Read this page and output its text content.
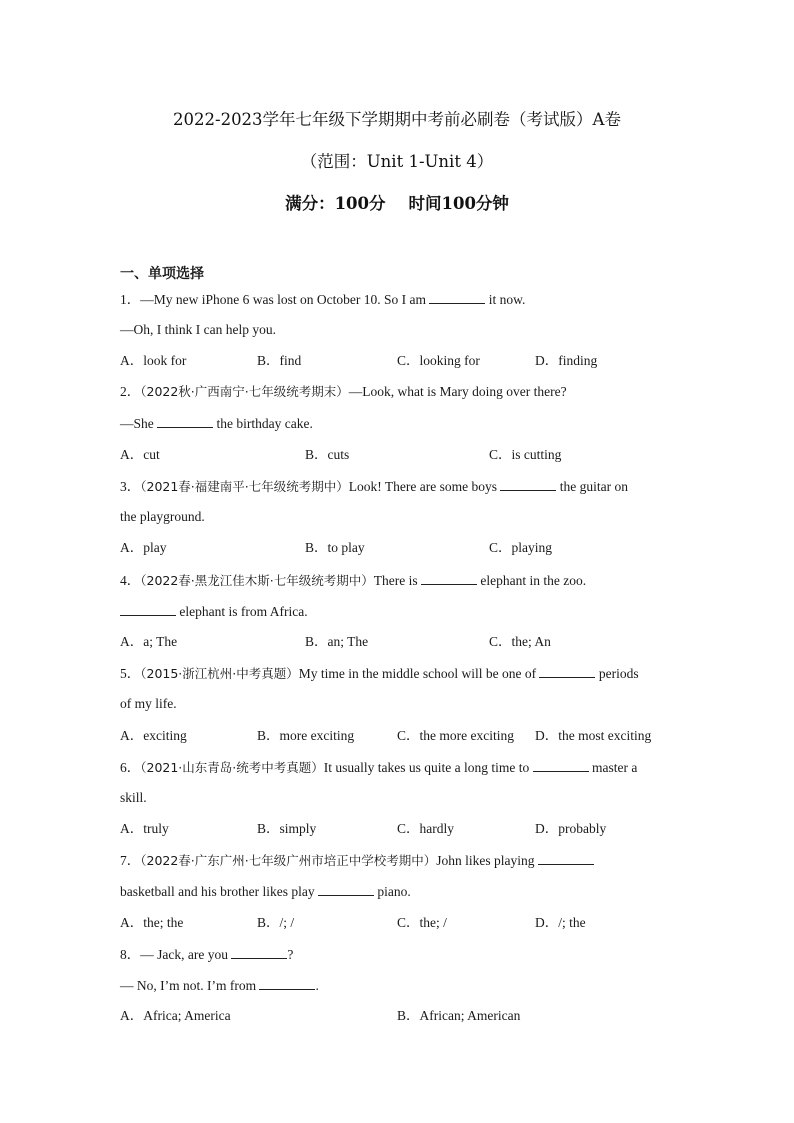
2022-2023学年七年级下学期期中考前必刷卷（考试版）A卷
（范围：Unit 1-Unit 4）
满分：100分    时间100分钟
一、单项选择
1．—My new iPhone 6 was lost on October 10. So I am	it now.
—Oh, I think I can help you.
A．look for	B．find	C．looking for	D．finding
2．（2022秋·广西南宁·七年级统考期末）—Look, what is Mary doing over there?
—She	the birthday cake.
A．cut	B．cuts	C．is cutting
3．（2021春·福建南平·七年级统考期中）Look! There are some boys	the guitar on
the playground.
A．play	B．to play	C．playing
4．（2022春·黑龙江佳木斯·七年级统考期中）There is	elephant in the zoo.
elephant is from Africa.
A．a; The	B．an; The	C．the; An
5．（2015·浙江杭州·中考真题）My time in the middle school will be one of	periods
of my life.
A．exciting	B．more exciting	C．the more exciting D．the most exciting
6．（2021·山东青岛·统考中考真题）It usually takes us quite a long time to	master a
skill.
A．truly	B．simply	C．hardly	D．probably
7．（2022春·广东广州·七年级广州市培正中学校考期中）John likes playing
basketball and his brother likes play	piano.
A．the; the	B．/; /	C．the; /	D．/; the
8．— Jack, are you	?
— No, I’m not. I’m from	.
A．Africa; America	B．African; American
